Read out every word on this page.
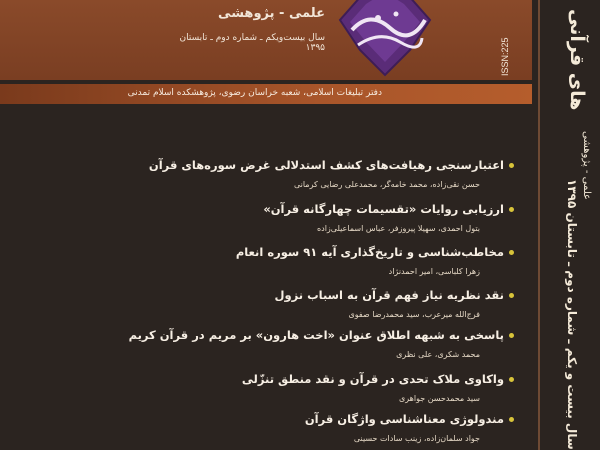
علمی - پژوهشی
سال بیست‌ویکم ـ شماره دوم ـ تابستان ۱۳۹۵	ISSN:225
دفتر تبلیغات اسلامی، شعبه خراسان رضوی، پژوهشکده اسلام تمدنی	های قرآنی
علمی - پژوهشی
سال بیست و یکم ـ شماره دوم ـ تابستان ۱۳۹۵
اعتبارسنجی رهیافت‌های کشف استدلالی غرض سوره‌های قرآن
حسن نقی‌زاده، محمد خامه‌گر، محمدعلی رضایی کرمانی
ارزیابی روایات «تقسیمات چهارگانه قرآن»
بتول احمدی، سهیلا پیروزفر، عباس اسماعیلی‌زاده
مخاطب‌شناسی و تاریخ‌گذاری آیه ۹۱ سوره انعام
زهرا کلباسی، امیر احمدنژاد
نقد نظریه نیاز فهم قرآن به اسباب نزول
فرج‌الله میرعرب، سید محمدرضا صفوی
پاسخی به شبهه اطلاق عنوان «اخت هارون» بر مریم در قرآن کریم
محمد شکری، علی نظری
واکاوی ملاک تحدی در قرآن و نقد منطق تنزّلی
سید محمدحسن جواهری
مندولوژی معناشناسی واژگان قرآن
جواد سلمان‌زاده، زینب سادات حسینی
